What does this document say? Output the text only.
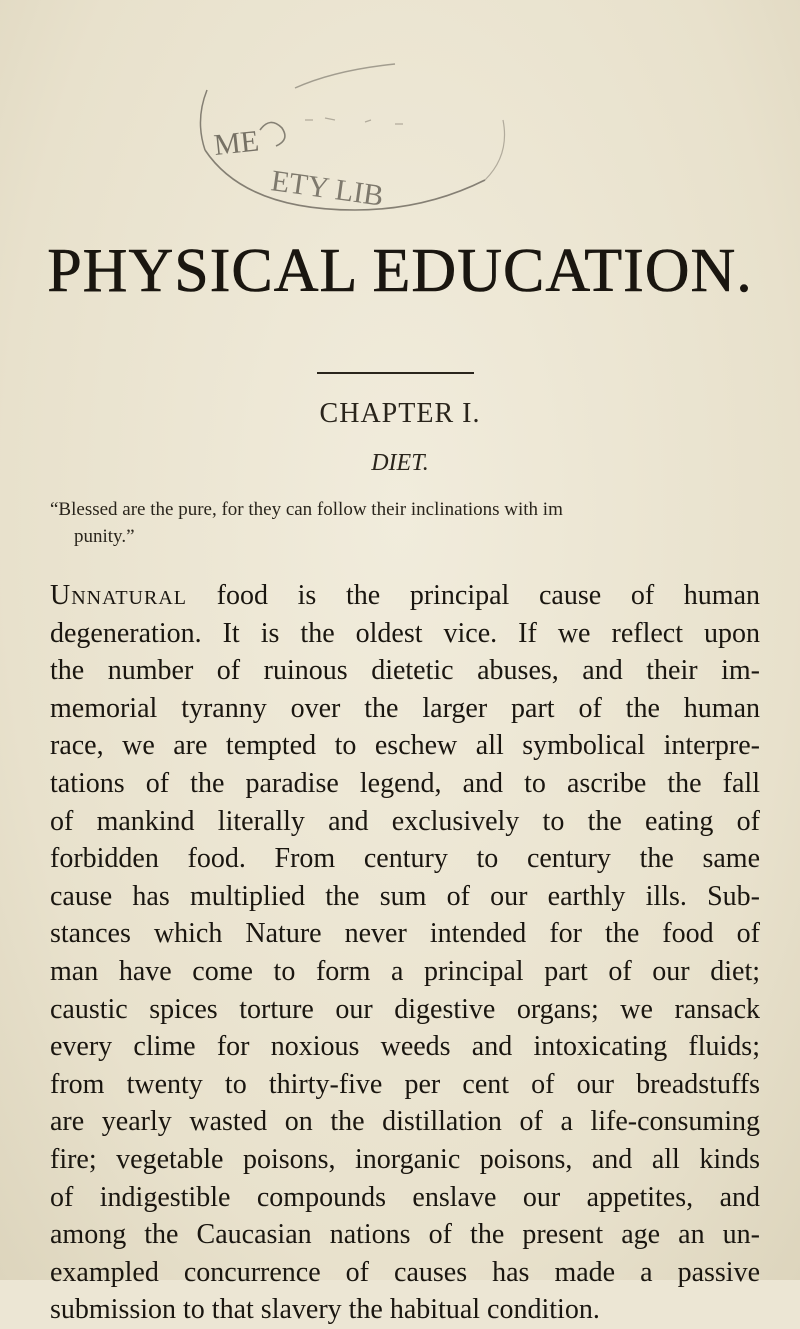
ME
ETY LIB
PHYSICAL EDUCATION.
CHAPTER I.
DIET.
“Blessed are the pure, for they can follow their inclinations with im
punity.”
Unnatural food is the principal cause of human
degeneration. It is the oldest vice. If we reflect upon
the number of ruinous dietetic abuses, and their im-
memorial tyranny over the larger part of the human
race, we are tempted to eschew all symbolical interpre-
tations of the paradise legend, and to ascribe the fall
of mankind literally and exclusively to the eating of
forbidden food. From century to century the same
cause has multiplied the sum of our earthly ills. Sub-
stances which Nature never intended for the food of
man have come to form a principal part of our diet;
caustic spices torture our digestive organs; we ransack
every clime for noxious weeds and intoxicating fluids;
from twenty to thirty-five per cent of our breadstuffs
are yearly wasted on the distillation of a life-consuming
fire; vegetable poisons, inorganic poisons, and all kinds
of indigestible compounds enslave our appetites, and
among the Caucasian nations of the present age an un-
exampled concurrence of causes has made a passive
submission to that slavery the habitual condition.
